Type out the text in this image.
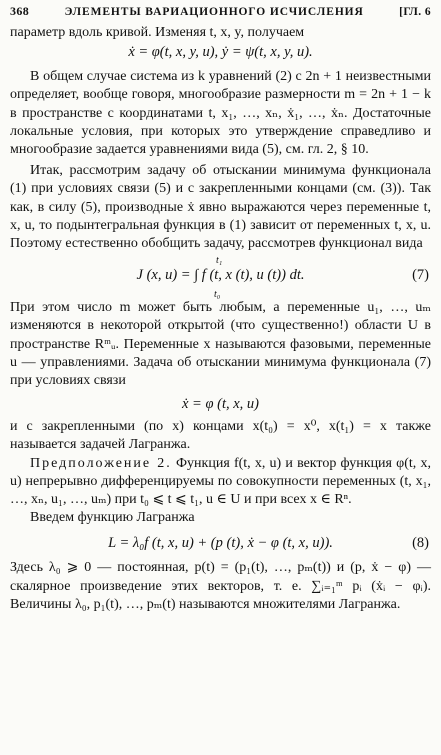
368	ЭЛЕМЕНТЫ ВАРИАЦИОННОГО ИСЧИСЛЕНИЯ	[ГЛ. 6

параметр вдоль кривой. Изменяя t, x, y, получаем

ẋ = φ(t, x, y, u), ẏ = ψ(t, x, y, u).

В общем случае система из k уравнений (2) с 2n + 1 неизвестными определяет, вообще говоря, многообразие размерности m = 2n + 1 − k в пространстве с координатами t, x₁, …, xₙ, ẋ₁, …, ẋₙ. Достаточные локальные условия, при которых это утверждение справедливо и многообразие задается уравнениями вида (5), см. гл. 2, § 10.

Итак, рассмотрим задачу об отыскании минимума функционала (1) при условиях связи (5) и с закрепленными концами (см. (3)). Так как, в силу (5), производные ẋ явно выражаются через переменные t, x, u, то подынтегральная функция в (1) зависит от переменных t, x, u. Поэтому естественно обобщить задачу, рассмотрев функционал вида

t₁
t₀
J (x, u) = ∫ f (t, x (t), u (t)) dt.	(7)

При этом число m может быть любым, а переменные u₁, …, uₘ изменяются в некоторой открытой (что существенно!) области U в пространстве Rᵐᵤ. Переменные x называются фазовыми, переменные u — управлениями. Задача об отыскании минимума функционала (7) при условиях связи

ẋ = φ (t, x, u)

и с закрепленными (по x) концами x(t₀) = x⁰, x(t₁) = x также называется задачей Лагранжа.

Предположение 2. Функция f(t, x, u) и вектор функция φ(t, x, u) непрерывно дифференцируемы по совокупности переменных (t, x₁, …, xₙ, u₁, …, uₘ) при t₀ ⩽ t ⩽ t₁, u ∈ U и при всех x ∈ Rⁿ.

Введем функцию Лагранжа

L = λ₀f (t, x, u) + (p (t), ẋ − φ (t, x, u)).	(8)

Здесь λ₀ ⩾ 0 — постоянная, p(t) = (p₁(t), …, pₘ(t)) и (p, ẋ − φ) — скалярное произведение этих векторов, т. е. ∑ᵢ₌₁ᵐ pᵢ (ẋᵢ − φᵢ). Величины λ₀, p₁(t), …, pₘ(t) называются множителями Лагранжа.
